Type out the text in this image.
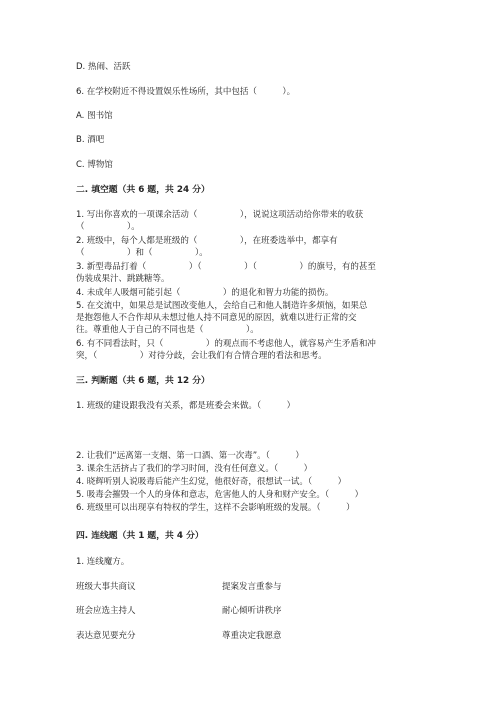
D. 热闹、活跃
6. 在学校附近不得设置娱乐性场所，其中包括（　　　）。
A. 图书馆
B. 酒吧
C. 博物馆
二. 填空题（共 6 题，共 24 分）
1. 写出你喜欢的一项课余活动（　　　　　），说说这项活动给你带来的收获
（　　　　　）。
2. 班级中，每个人都是班级的（　　　　　），在班委选举中，都享有
（　　　　　）和（　　　　　）。
3. 新型毒品打着（　　　　　）（　　　　　）（　　　　　）的旗号，有的甚至
伪装成果汁、跳跳糖等。
4. 未成年人吸烟可能引起（　　　　　）的退化和智力功能的损伤。
5. 在交流中，如果总是试图改变他人，会给自己和他人制造许多烦恼，如果总
是抱怨他人不合作却从未想过他人持不同意见的原因，就难以进行正常的交
往。尊重他人于自己的不同也是（　　　　　）。
6. 有不同看法时，只（　　　　　）的观点而不考虑他人，就容易产生矛盾和冲
突，（　　　　　）对待分歧，会让我们有合情合理的看法和思考。
三. 判断题（共 6 题，共 12 分）
1. 班级的建设跟我没有关系，都是班委会来做。（　　　）
2. 让我们“远离第一支烟、第一口酒、第一次毒”。（　　　）
3. 课余生活挤占了我们的学习时间，没有任何意义。（　　　）
4. 晓辉听别人说吸毒后能产生幻觉，他很好奇，很想试一试。（　　　）
5. 吸毒会摧毁一个人的身体和意志，危害他人的人身和财产安全。（　　　）
6. 班级里可以出现享有特权的学生，这样不会影响班级的发展。（　　　）
四. 连线题（共 1 题，共 4 分）
1. 连线魔方。
班级大事共商议	提案发言重参与
班会应选主持人	耐心倾听讲秩序
表达意见要充分	尊重决定我愿意
